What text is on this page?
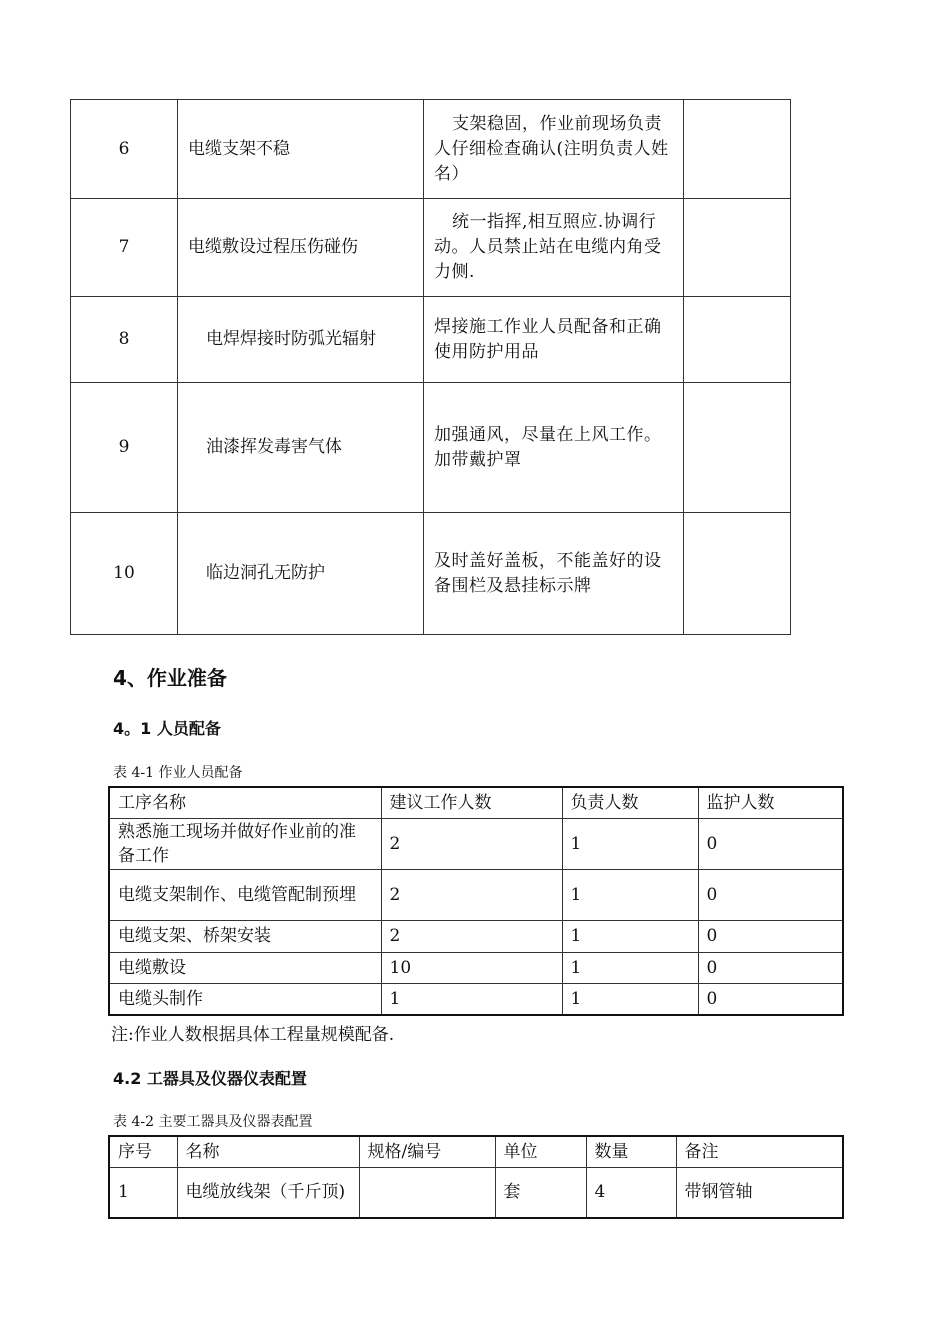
6	电缆支架不稳	支架稳固，作业前现场负责人仔细检查确认(注明负责人姓名）	
7	电缆敷设过程压伤碰伤	统一指挥,相互照应.协调行动。人员禁止站在电缆内角受力侧.	
8	电焊焊接时防弧光辐射	焊接施工作业人员配备和正确使用防护用品	
9	油漆挥发毒害气体	加强通风，尽量在上风工作。加带戴护罩	
10	临边洞孔无防护	及时盖好盖板，不能盖好的设备围栏及悬挂标示牌	
4、作业准备
4。1 人员配备
表 4-1 作业人员配备
工序名称	建议工作人数	负责人数	监护人数
熟悉施工现场并做好作业前的准备工作	2	1	0
电缆支架制作、电缆管配制预埋	2	1	0
电缆支架、桥架安装	2	1	0
电缆敷设	10	1	0
电缆头制作	1	1	0
注:作业人数根据具体工程量规模配备.
4.2 工器具及仪器仪表配置
表 4-2 主要工器具及仪器表配置
序号	名称	规格/编号	单位	数量	备注
1	电缆放线架（千斤顶)		套	4	带钢管轴
